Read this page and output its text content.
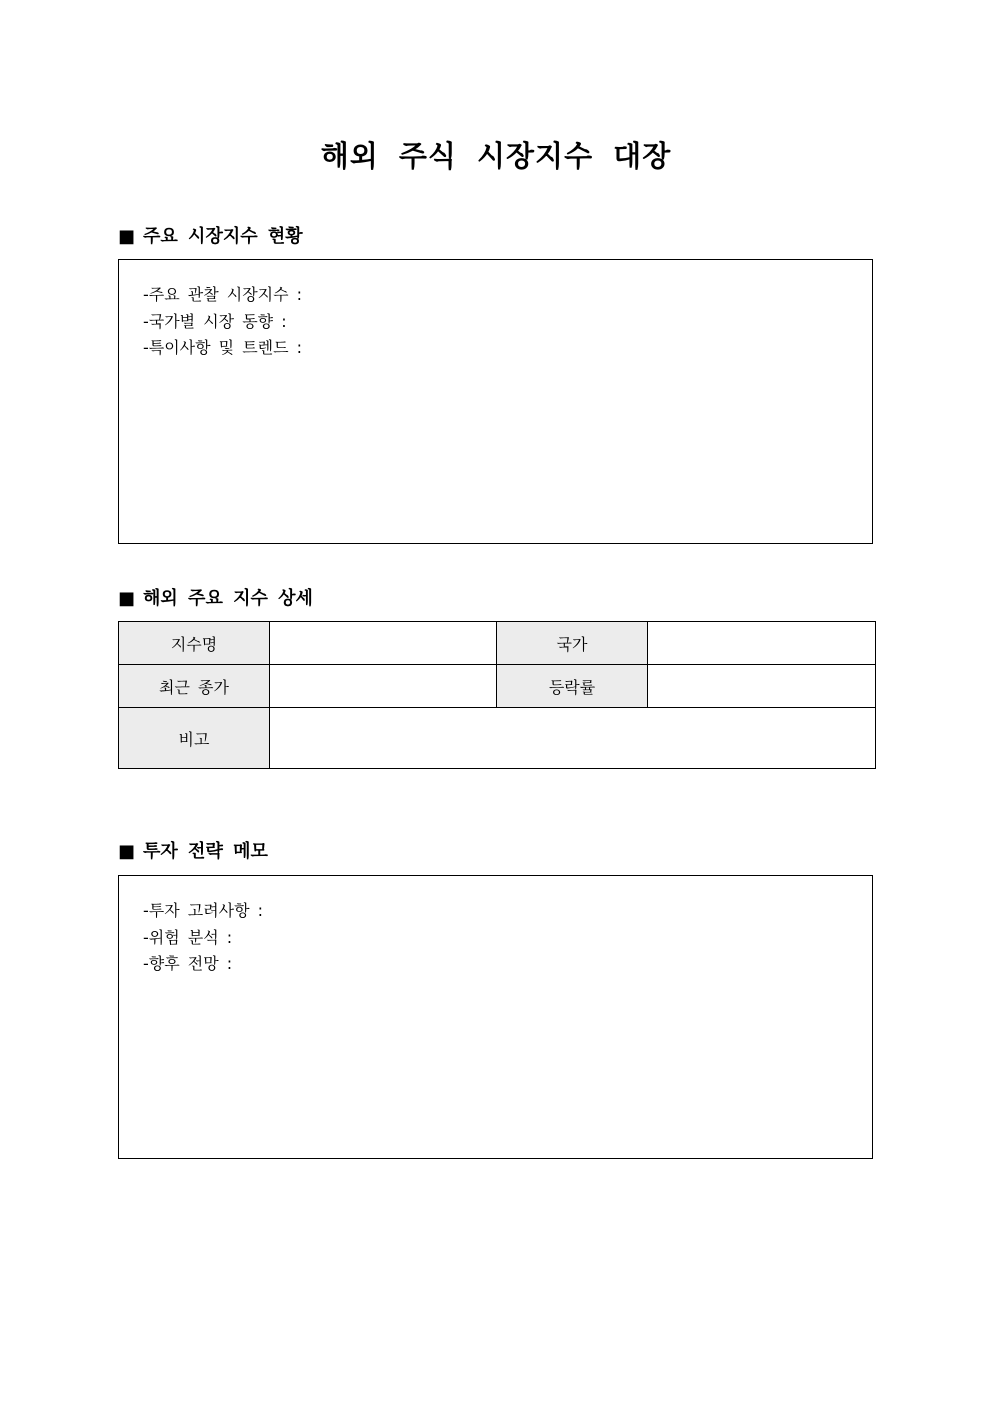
해외 주식 시장지수 대장
■ 주요 시장지수 현황
-주요 관찰 시장지수 :
-국가별 시장 동향 :
-특이사항 및 트렌드 :
■ 해외 주요 지수 상세
지수명		국가	
최근 종가		등락률	
비고			
■ 투자 전략 메모
-투자 고려사항 :
-위험 분석 :
-향후 전망 :
